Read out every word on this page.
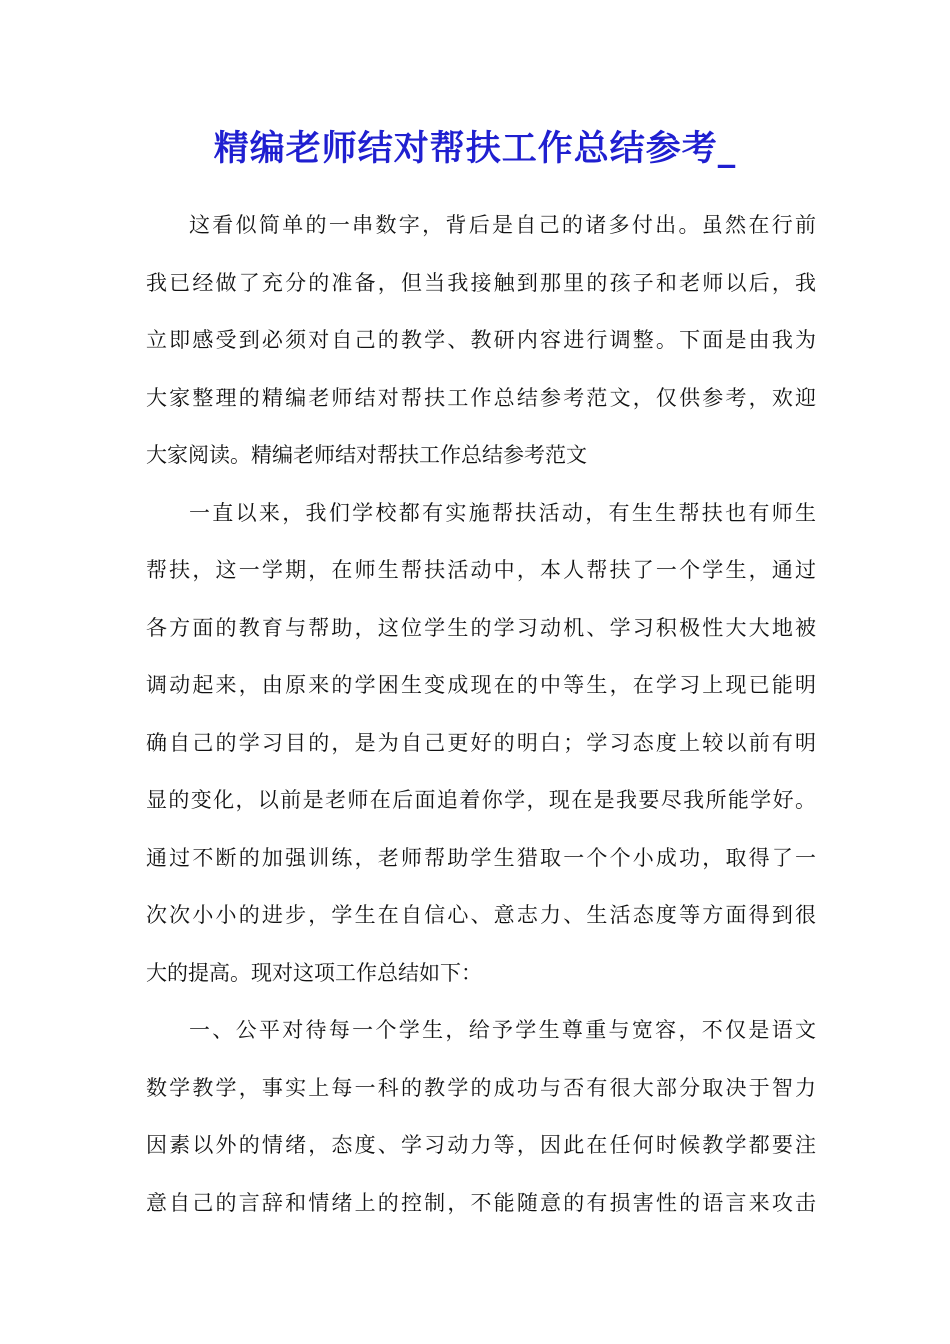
精编老师结对帮扶工作总结参考_
这看似简单的一串数字，背后是自己的诸多付出。虽然在行前
我已经做了充分的准备，但当我接触到那里的孩子和老师以后，我
立即感受到必须对自己的教学、教研内容进行调整。下面是由我为
大家整理的精编老师结对帮扶工作总结参考范文，仅供参考，欢迎
大家阅读。精编老师结对帮扶工作总结参考范文
一直以来，我们学校都有实施帮扶活动，有生生帮扶也有师生
帮扶，这一学期，在师生帮扶活动中，本人帮扶了一个学生，通过
各方面的教育与帮助，这位学生的学习动机、学习积极性大大地被
调动起来，由原来的学困生变成现在的中等生，在学习上现已能明
确自己的学习目的，是为自己更好的明白；学习态度上较以前有明
显的变化，以前是老师在后面追着你学，现在是我要尽我所能学好。
通过不断的加强训练，老师帮助学生猎取一个个小成功，取得了一
次次小小的进步，学生在自信心、意志力、生活态度等方面得到很
大的提高。现对这项工作总结如下：
一、公平对待每一个学生，给予学生尊重与宽容，不仅是语文
数学教学，事实上每一科的教学的成功与否有很大部分取决于智力
因素以外的情绪，态度、学习动力等，因此在任何时候教学都要注
意自己的言辞和情绪上的控制，不能随意的有损害性的语言来攻击
